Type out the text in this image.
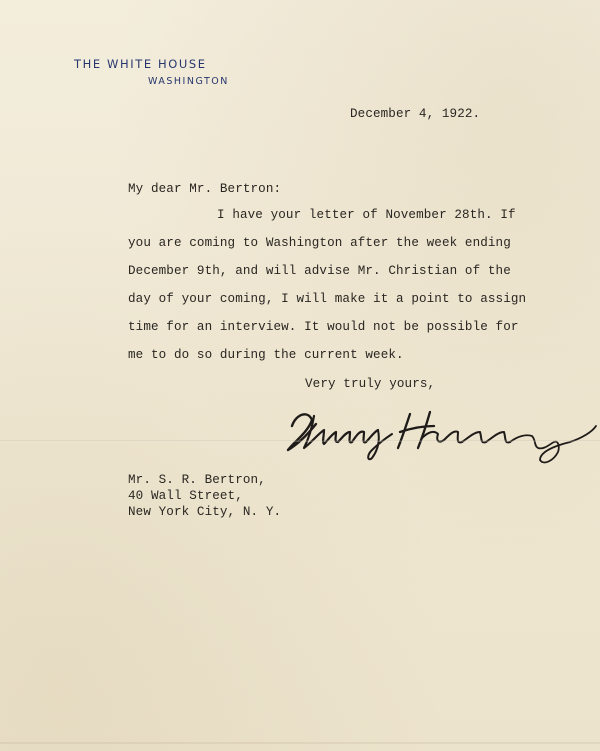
THE WHITE HOUSE
WASHINGTON
December 4, 1922.
My dear Mr. Bertron:
I have your letter of November 28th. If
you are coming to Washington after the week ending
December 9th, and will advise Mr. Christian of the
day of your coming, I will make it a point to assign
time for an interview. It would not be possible for
me to do so during the current week.
Very truly yours,
Mr. S. R. Bertron,
40 Wall Street,
New York City, N. Y.
